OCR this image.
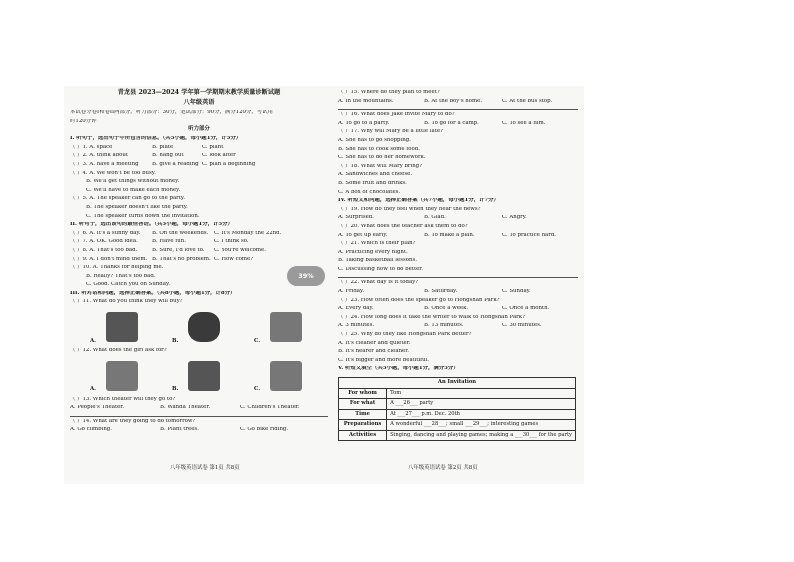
青龙县 2023—2024 学年第一学期期末教学质量诊断试题
八年级英语
本试卷分卷I和卷II两部分，听力部分：30分，笔试部分：90分，满分120分，考试用
时120分钟
听力部分
I. 听句子，选出句子中所包含的信息。（共5小题，每小题1分，计5分）
（ ）1. A. space	B. plate	C. plant
（ ）2. A. think about	B. hang out	C. look after
（ ）3. A. have a meeting B. give a reading C. plan a beginning
（ ）4. A. We won't be too busy.
B. We'll get things without money.
C. We'll have to make each money.
（ ）5. A. The speaker can go to the party.
B. The speaker doesn't like the party.
C. The speaker turns down the invitation.
II. 听句子，选出该句的最佳答语。（共5小题，每小题1分，计5分）
（ ）6. A. It's a sunny day. B. On the weekends. C. It's Monday the 22nd.
（ ）7. A. OK. Good idea.	B. Have fun.	C. I think so.
（ ）8. A. That's too bad.	B. Sure, I'd love to. C. You're welcome.
（ ）9. A. I don't mind them. B. That's no problem. C. How come?
（ ）10. A. Thanks for helping me.
B. Really? That's too bad.
C. Good. Catch you on Sunday.
III. 听对话和问题，选择正确答案。（共8小题，每小题1分，计8分）
（ ）11. What do you think they will buy?
A.	B.	C.
（ ）12. What does the girl ask for?
A.	B.	C.
（ ）13. Which theater will they go to?
A. People's Theater.	B. Wanda Theater.	C. Children's Theater.
（ ）14. What are they going to do tomorrow?
A. Go climbing.	B. Plant trees.	C. Go bike riding.
八年级英语试卷 第1页 共8页
（ ）15. Where do they plan to meet?
A. In the mountains.	B. At the boy's home.	C. At the bus stop.
（ ）16. What does Jake invite Mary to do?
A. To go to a party.	B. To go for a camp.	C. To see a film.
（ ）17. Why will Mary be a little late?
A. She has to go shopping.
B. She has to cook some food.
C. She has to do her homework.
（ ）18. What will Mary bring?
A. Sandwiches and cheese.
B. Some fruit and drinks.
C. A box of chocolates.
IV. 听短文和问题，选择正确答案（共7小题，每小题1分，计7分）
（ ）19. How do they feel when they hear the news?
A. Surprised.	B. Glad.	C. Angry.
（ ）20. What does the teacher ask them to do?
A. To get up early.	B. To make a plan.	C. To practice hard.
（ ）21. Which is their plan?
A. Practicing every night.
B. Taking basketball lessons.
C. Discussing how to do better.
（ ）22. What day is it today?
A. Friday.	B. Saturday.	C. Sunday.
（ ）23. How often does the speaker go to Hongshan Park?
A. Every day.	B. Once a week.	C. Once a month.
（ ）24. How long does it take the writer to walk to Hongshan Park?
A. 3 minutes.	B. 13 minutes.	C. 30 minutes.
（ ）25. Why do they like Hongshan Park better?
A. It's cleaner and quieter.
B. It's nearer and cleaner.
C. It's bigger and more beautiful.
V. 听短文填空（共5小题，每小题1分，满分5分）
An Invitation	
For whom	Tom
For what	A ___26___ party
Time	At ___27___ p.m. Dec. 20th
Preparations	A wonderful ___28___; small ___29___; interesting games
Activities	Singing, dancing and playing games; making a ___30___ for the party
八年级英语试卷 第2页 共8页
39%
